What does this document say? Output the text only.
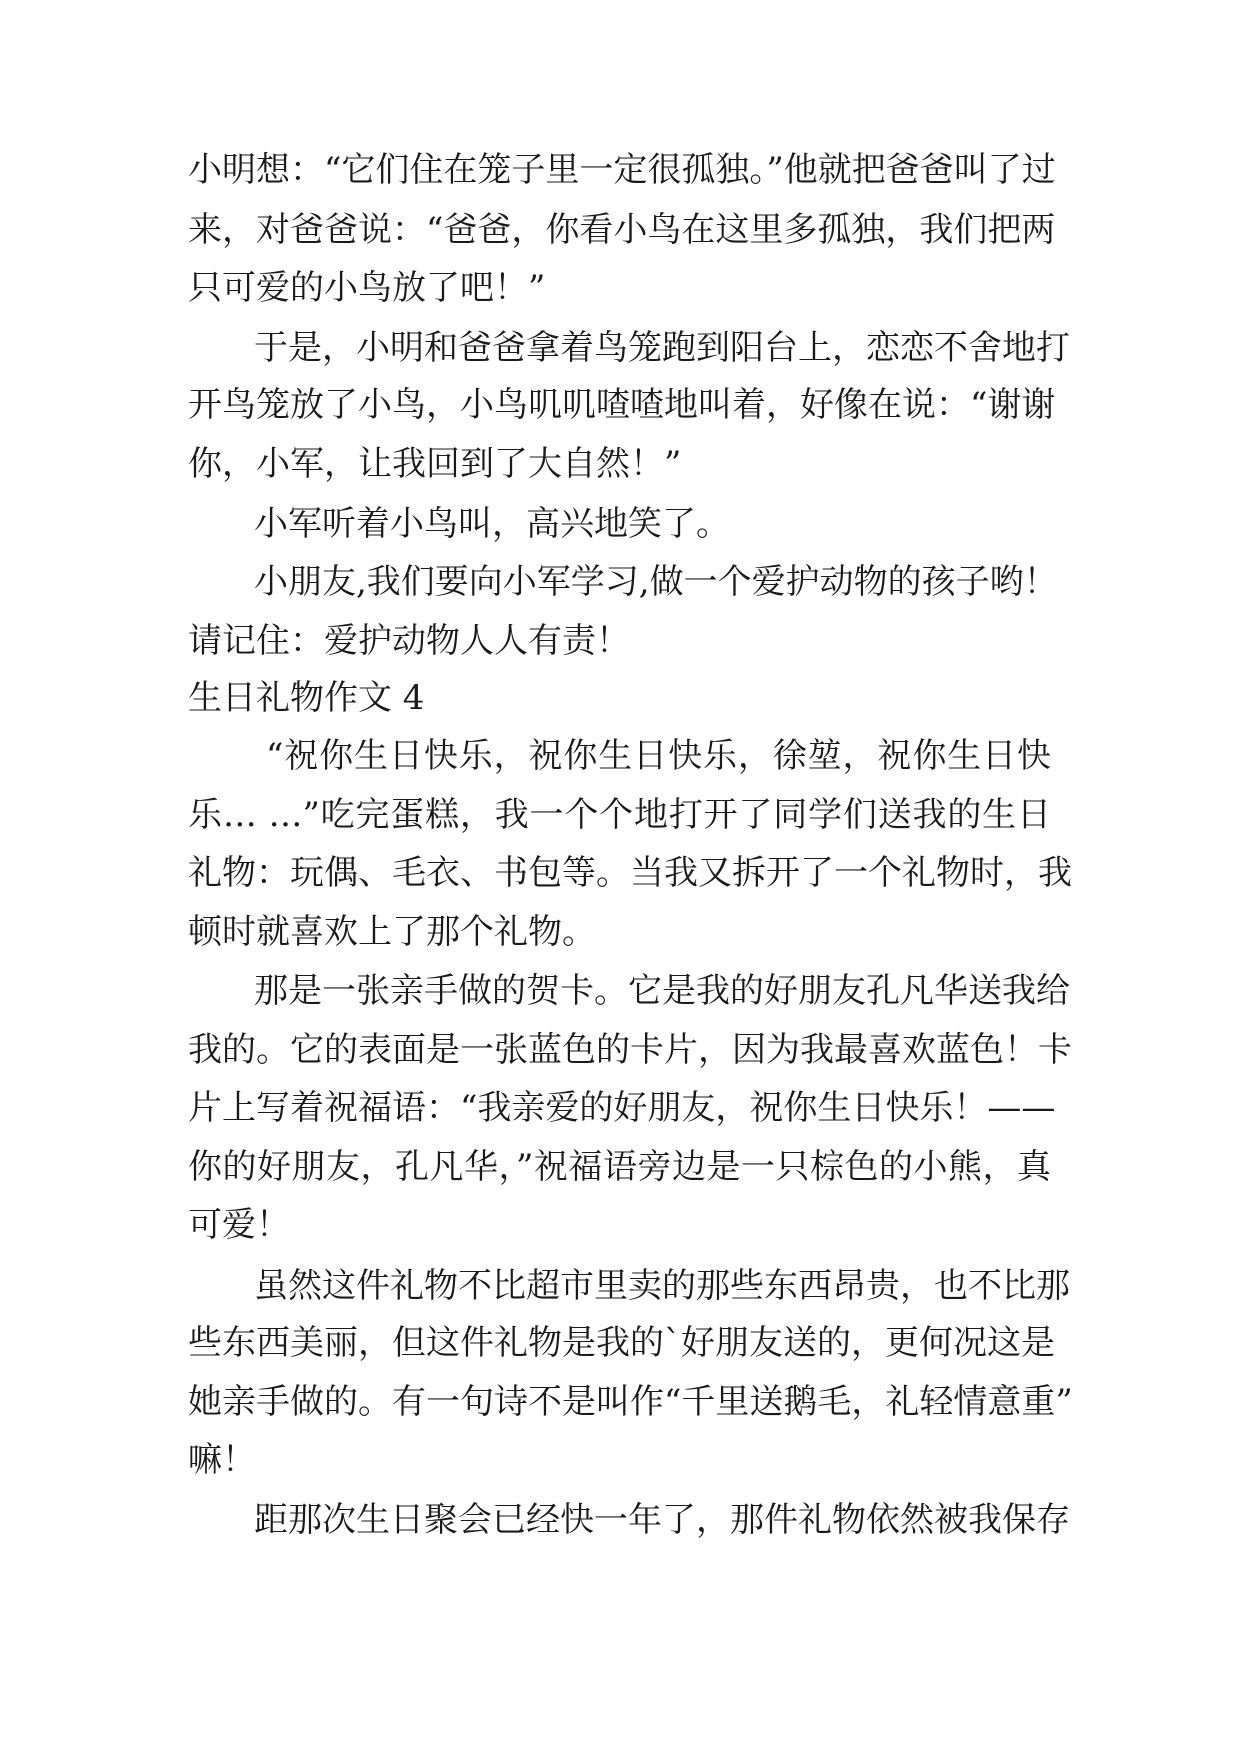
小明想：“它们住在笼子里一定很孤独。”他就把爸爸叫了过

来，对爸爸说：“爸爸，你看小鸟在这里多孤独，我们把两

只可爱的小鸟放了吧！”

于是，小明和爸爸拿着鸟笼跑到阳台上，恋恋不舍地打

开鸟笼放了小鸟，小鸟叽叽喳喳地叫着，好像在说：“谢谢

你，小军，让我回到了大自然！”

小军听着小鸟叫，高兴地笑了。

小朋友,我们要向小军学习,做一个爱护动物的孩子哟！

请记住：爱护动物人人有责！

生日礼物作文 4

“祝你生日快乐，祝你生日快乐，徐堃，祝你生日快

乐… …”吃完蛋糕，我一个个地打开了同学们送我的生日

礼物：玩偶、毛衣、书包等。当我又拆开了一个礼物时，我

顿时就喜欢上了那个礼物。

那是一张亲手做的贺卡。它是我的好朋友孔凡华送我给

我的。它的表面是一张蓝色的卡片，因为我最喜欢蓝色！卡

片上写着祝福语：“我亲爱的好朋友，祝你生日快乐！——

你的好朋友，孔凡华，”祝福语旁边是一只棕色的小熊，真

可爱！

虽然这件礼物不比超市里卖的那些东西昂贵，也不比那

些东西美丽，但这件礼物是我的`好朋友送的，更何况这是

她亲手做的。有一句诗不是叫作“千里送鹅毛，礼轻情意重”

嘛！

距那次生日聚会已经快一年了，那件礼物依然被我保存
